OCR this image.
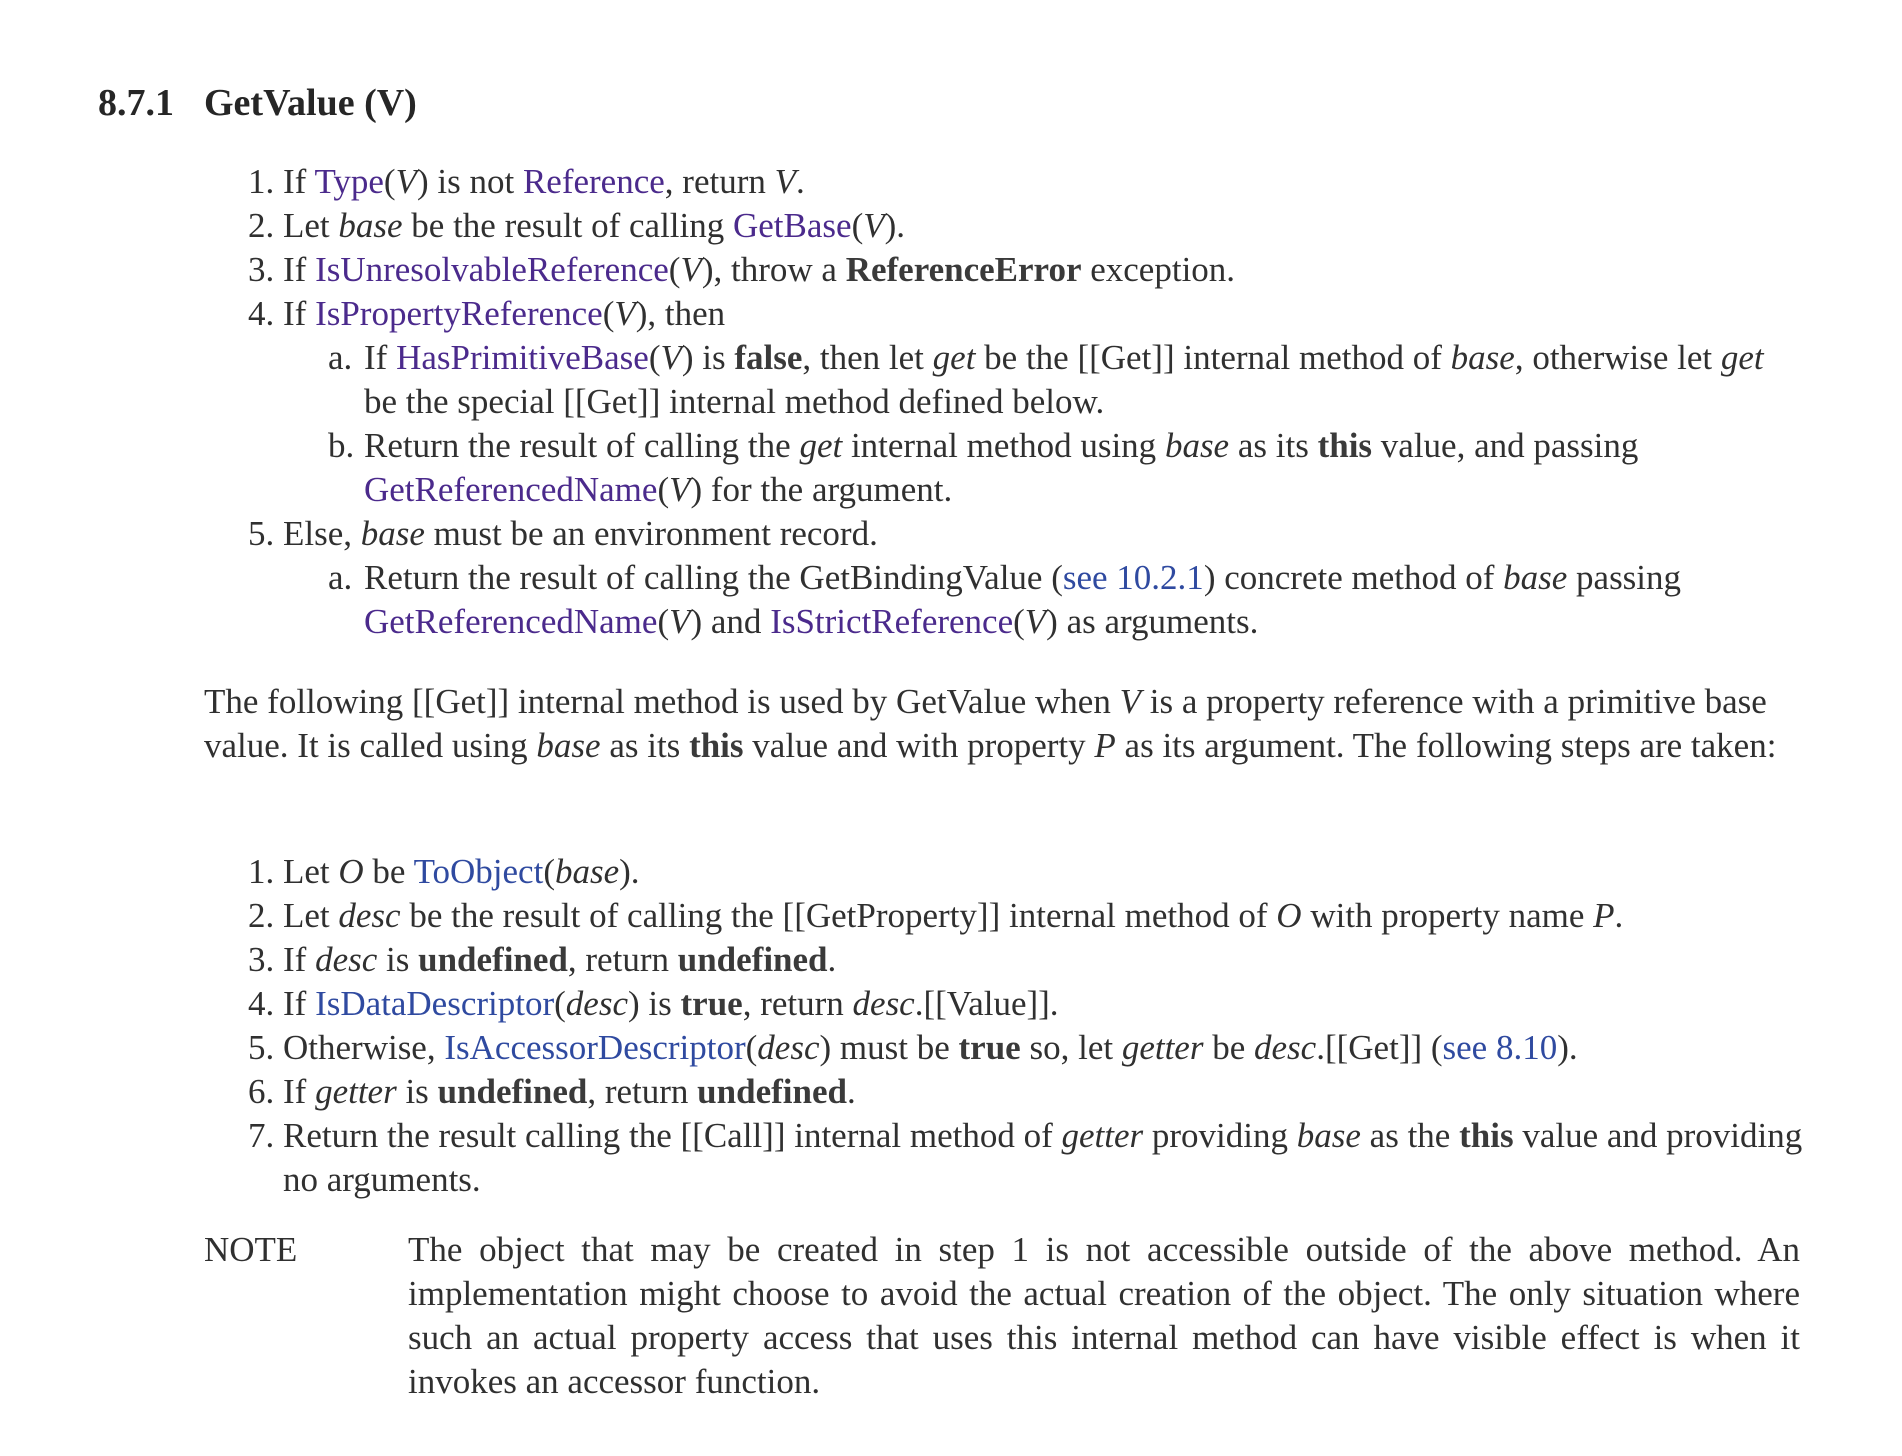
8.7.1 GetValue (V)
1. If Type(V) is not Reference, return V.
2. Let base be the result of calling GetBase(V).
3. If IsUnresolvableReference(V), throw a ReferenceError exception.
4. If IsPropertyReference(V), then
a. If HasPrimitiveBase(V) is false, then let get be the [[Get]] internal method of base, otherwise let get be the special [[Get]] internal method defined below.
b. Return the result of calling the get internal method using base as its this value, and passing GetReferencedName(V) for the argument.
5. Else, base must be an environment record.
a. Return the result of calling the GetBindingValue (see 10.2.1) concrete method of base passing GetReferencedName(V) and IsStrictReference(V) as arguments.
The following [[Get]] internal method is used by GetValue when V is a property reference with a primitive base value. It is called using base as its this value and with property P as its argument. The following steps are taken:
1. Let O be ToObject(base).
2. Let desc be the result of calling the [[GetProperty]] internal method of O with property name P.
3. If desc is undefined, return undefined.
4. If IsDataDescriptor(desc) is true, return desc.[[Value]].
5. Otherwise, IsAccessorDescriptor(desc) must be true so, let getter be desc.[[Get]] (see 8.10).
6. If getter is undefined, return undefined.
7. Return the result calling the [[Call]] internal method of getter providing base as the this value and providing no arguments.
NOTE	The object that may be created in step 1 is not accessible outside of the above method. An implementation might choose to avoid the actual creation of the object. The only situation where such an actual property access that uses this internal method can have visible effect is when it invokes an accessor function.
